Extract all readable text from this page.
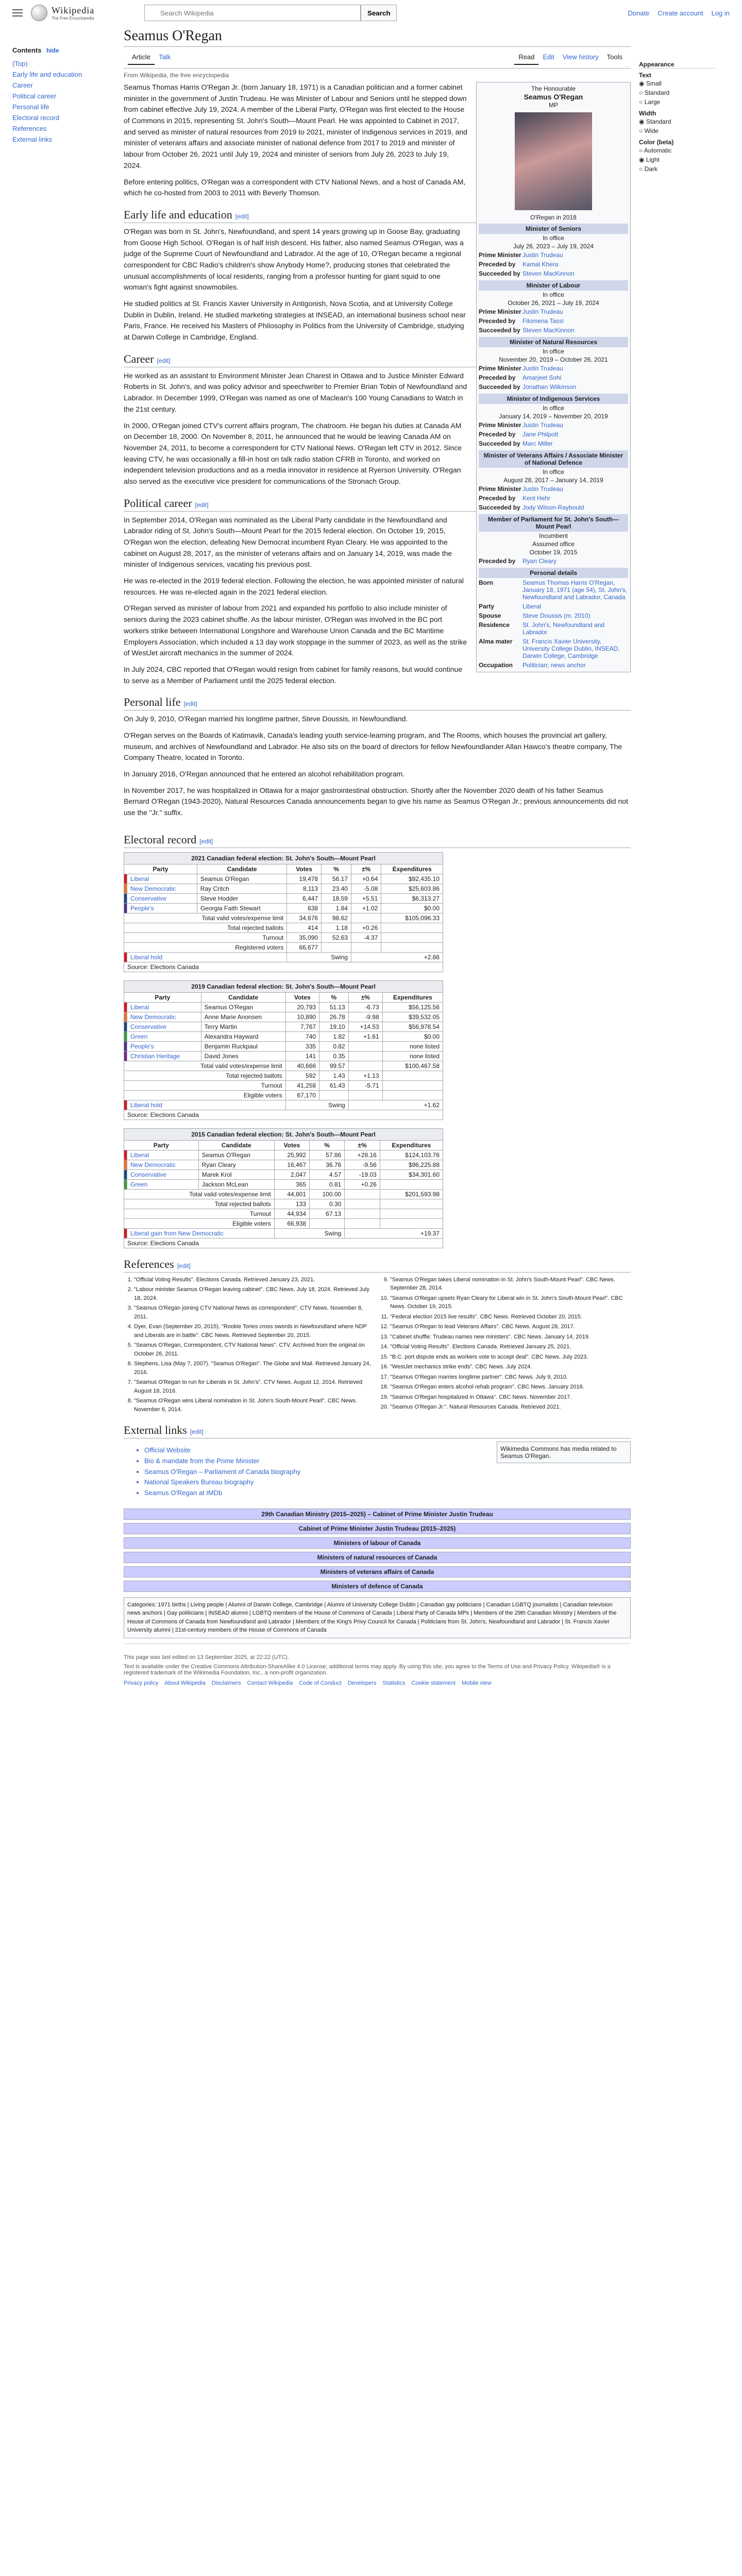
Wikipedia
The Free Encyclopedia
Search Wikipedia
Search	Donate Create account Log in
Contents hide
(Top)
Early life and education
Career
Political career
Personal life
Electoral record
References
External links
Seamus O'Regan
Article	Talk	Read	Edit	View history	Tools
From Wikipedia, the free encyclopedia
The Honourable
Seamus O'Regan
MP
O'Regan in 2018
Minister of Seniors
In office
July 26, 2023 – July 19, 2024
Prime Minister Justin Trudeau
Preceded by	Kamal Khera
Succeeded by Steven MacKinnon
Minister of Labour
In office
October 26, 2021 – July 19, 2024
Prime Minister Justin Trudeau
Preceded by	Filomena Tassi
Succeeded by Steven MacKinnon
Minister of Natural Resources
In office
November 20, 2019 – October 26, 2021
Prime Minister Justin Trudeau
Preceded by	Amarjeet Sohi
Succeeded by Jonathan Wilkinson
Minister of Indigenous Services
In office
January 14, 2019 – November 20, 2019
Prime Minister Justin Trudeau
Preceded by	Jane Philpott
Succeeded by Marc Miller
Minister of Veterans Affairs / Associate Minister of National Defence
In office
August 28, 2017 – January 14, 2019
Prime Minister Justin Trudeau
Preceded by	Kent Hehr
Succeeded by Jody Wilson-Raybould
Member of Parliament for St. John's South—Mount Pearl
Incumbent
Assumed office
October 19, 2015
Preceded by	Ryan Cleary
Personal details
Born	Seamus Thomas Harris O'Regan, January 18, 1971 (age 54), St. John's, Newfoundland and Labrador, Canada
Party	Liberal
Spouse	Steve Doussis (m. 2010)
Residence	St. John's, Newfoundland and Labrador
Alma mater	St. Francis Xavier University, University College Dublin, INSEAD, Darwin College, Cambridge
Occupation	Politician; news anchor

Seamus Thomas Harris O'Regan Jr. (born January 18, 1971) is a Canadian politician and a former cabinet minister in the government of Justin Trudeau. He was Minister of Labour and Seniors until he stepped down from cabinet effective July 19, 2024. A member of the Liberal Party, O'Regan was first elected to the House of Commons in 2015, representing St. John's South—Mount Pearl. He was appointed to Cabinet in 2017, and served as minister of natural resources from 2019 to 2021, minister of Indigenous services in 2019, and minister of veterans affairs and associate minister of national defence from 2017 to 2019 and minister of labour from October 26, 2021 until July 19, 2024 and minister of seniors from July 26, 2023 to July 19, 2024.

Before entering politics, O'Regan was a correspondent with CTV National News, and a host of Canada AM, which he co-hosted from 2003 to 2011 with Beverly Thomson.

Early life and education [edit]

O'Regan was born in St. John's, Newfoundland, and spent 14 years growing up in Goose Bay, graduating from Goose High School. O'Regan is of half Irish descent. His father, also named Seamus O'Regan, was a judge of the Supreme Court of Newfoundland and Labrador. At the age of 10, O'Regan became a regional correspondent for CBC Radio's children's show Anybody Home?, producing stories that celebrated the unusual accomplishments of local residents, ranging from a professor hunting for giant squid to one woman's fight against snowmobiles.

He studied politics at St. Francis Xavier University in Antigonish, Nova Scotia, and at University College Dublin in Dublin, Ireland. He studied marketing strategies at INSEAD, an international business school near Paris, France. He received his Masters of Philosophy in Politics from the University of Cambridge, studying at Darwin College in Cambridge, England.

Career [edit]

He worked as an assistant to Environment Minister Jean Charest in Ottawa and to Justice Minister Edward Roberts in St. John's, and was policy advisor and speechwriter to Premier Brian Tobin of Newfoundland and Labrador. In December 1999, O'Regan was named as one of Maclean's 100 Young Canadians to Watch in the 21st century.

In 2000, O'Regan joined CTV's current affairs program, The chatroom. He began his duties at Canada AM on December 18, 2000. On November 8, 2011, he announced that he would be leaving Canada AM on November 24, 2011, to become a correspondent for CTV National News. O'Regan left CTV in 2012. Since leaving CTV, he was occasionally a fill-in host on talk radio station CFRB in Toronto, and worked on independent television productions and as a media innovator in residence at Ryerson University. O'Regan also served as the executive vice president for communications of the Stronach Group.

Political career [edit]

In September 2014, O'Regan was nominated as the Liberal Party candidate in the Newfoundland and Labrador riding of St. John's South—Mount Pearl for the 2015 federal election. On October 19, 2015, O'Regan won the election, defeating New Democrat incumbent Ryan Cleary. He was appointed to the cabinet on August 28, 2017, as the minister of veterans affairs and on January 14, 2019, was made the minister of Indigenous services, vacating his previous post.

He was re-elected in the 2019 federal election. Following the election, he was appointed minister of natural resources. He was re-elected again in the 2021 federal election.

O'Regan served as minister of labour from 2021 and expanded his portfolio to also include minister of seniors during the 2023 cabinet shuffle. As the labour minister, O'Regan was involved in the BC port workers strike between International Longshore and Warehouse Union Canada and the BC Maritime Employers Association, which included a 13 day work stoppage in the summer of 2023, as well as the strike of WestJet aircraft mechanics in the summer of 2024.

In July 2024, CBC reported that O'Regan would resign from cabinet for family reasons, but would continue to serve as a Member of Parliament until the 2025 federal election.

Personal life [edit]

On July 9, 2010, O'Regan married his longtime partner, Steve Doussis, in Newfoundland.

O'Regan serves on the Boards of Katimavik, Canada's leading youth service-learning program, and The Rooms, which houses the provincial art gallery, museum, and archives of Newfoundland and Labrador. He also sits on the board of directors for fellow Newfoundlander Allan Hawco's theatre company, The Company Theatre, located in Toronto.

In January 2016, O'Regan announced that he entered an alcohol rehabilitation program.

In November 2017, he was hospitalized in Ottawa for a major gastrointestinal obstruction. Shortly after the November 2020 death of his father Seamus Bernard O'Regan (1943-2020), Natural Resources Canada announcements began to give his name as Seamus O'Regan Jr.; previous announcements did not use the "Jr." suffix.

Electoral record [edit]
2021 Canadian federal election: St. John's South—Mount Pearl
Party		Candidate	Votes	%	±%	Expenditures
	Liberal	Seamus O'Regan	19,478	56.17	+0.64	$92,435.10
	New Democratic	Ray Critch	8,113	23.40	-5.08	$25,603.86
	Conservative	Steve Hodder	6,447	18.59	+5.51	$6,313.27
	People's	Georgia Faith Stewart	638	1.84	+1.02	$0.00
Total valid votes/expense limit			34,676	98.62		$105,096.33
Total rejected ballots			414	1.18	+0.26	
Turnout			35,090	52.63	-4.37	
Registered voters			66,677			
	Liberal hold		Swing		+2.86	
Source: Elections Canada						
2019 Canadian federal election: St. John's South—Mount Pearl
Party		Candidate	Votes	%	±%	Expenditures
	Liberal	Seamus O'Regan	20,793	51.13	-6.73	$56,125.56
	New Democratic	Anne Marie Anonsen	10,890	26.78	-9.98	$39,532.05
	Conservative	Terry Martin	7,767	19.10	+14.53	$56,978.54
	Green	Alexandra Hayward	740	1.82	+1.61	$0.00
	People's	Benjamin Ruckpaul	335	0.82		none listed
	Christian Heritage	David Jones	141	0.35		none listed
Total valid votes/expense limit			40,666	99.57		$100,467.58
Total rejected ballots			592	1.43	+1.13	
Turnout			41,258	61.43	-5.71	
Eligible voters			67,170			
	Liberal hold		Swing		+1.62	
Source: Elections Canada						
2015 Canadian federal election: St. John's South—Mount Pearl
Party		Candidate	Votes	%	±%	Expenditures
	Liberal	Seamus O'Regan	25,992	57.86	+28.16	$124,103.76
	New Democratic	Ryan Cleary	16,467	36.76	-9.56	$96,225.88
	Conservative	Marek Krol	2,047	4.57	-19.03	$34,301.60
	Green	Jackson McLean	365	0.81	+0.26	
Total valid votes/expense limit			44,801	100.00		$201,593.98
Total rejected ballots			133	0.30		
Turnout			44,934	67.13		
Eligible voters			66,938			
	Liberal gain from New Democratic		Swing		+19.37	
Source: Elections Canada						
References [edit]
1. "Official Voting Results". Elections Canada. Retrieved January 23, 2021.
2. "Labour minister Seamus O'Regan leaving cabinet". CBC News. July 18, 2024. Retrieved July 18, 2024.
3. "Seamus O'Regan joining CTV National News as correspondent". CTV News. November 8, 2011.
4. Dyer, Evan (September 20, 2015). "Rookie Tories cross swords in Newfoundland where NDP and Liberals are in battle". CBC News. Retrieved September 20, 2015.
5. "Seamus O'Regan, Correspondent, CTV National News". CTV. Archived from the original on October 26, 2011.
6. Stephens, Lisa (May 7, 2007). "Seamus O'Regan". The Globe and Mail. Retrieved January 24, 2016.
7. "Seamus O'Regan to run for Liberals in St. John's". CTV News. August 12, 2014. Retrieved August 18, 2016.
8. "Seamus O'Regan wins Liberal nomination in St. John's South-Mount Pearl". CBC News. November 6, 2014.
9. "Seamus O'Regan takes Liberal nomination in St. John's South-Mount Pearl". CBC News. September 28, 2014.
10. "Seamus O'Regan upsets Ryan Cleary for Liberal win in St. John's South-Mount Pearl". CBC News. October 19, 2015.
11. "Federal election 2015 live results". CBC News. Retrieved October 20, 2015.
12. "Seamus O'Regan to lead Veterans Affairs". CBC News. August 28, 2017.
13. "Cabinet shuffle: Trudeau names new ministers". CBC News. January 14, 2019.
14. "Official Voting Results". Elections Canada. Retrieved January 25, 2021.
15. "B.C. port dispute ends as workers vote to accept deal". CBC News. July 2023.
16. "WestJet mechanics strike ends". CBC News. July 2024.
17. "Seamus O'Regan marries longtime partner". CBC News. July 9, 2010.
18. "Seamus O'Regan enters alcohol rehab program". CBC News. January 2016.
19. "Seamus O'Regan hospitalized in Ottawa". CBC News. November 2017.
20. "Seamus O'Regan Jr.". Natural Resources Canada. Retrieved 2021.
External links [edit]
Wikimedia Commons has media related to Seamus O'Regan.
• Official Website
• Bio & mandate from the Prime Minister
• Seamus O'Regan – Parliament of Canada biography
• National Speakers Bureau biography
• Seamus O'Regan at IMDb
29th Canadian Ministry (2015–2025) – Cabinet of Prime Minister Justin Trudeau
Cabinet of Prime Minister Justin Trudeau (2015–2025)
Ministers of labour of Canada
Ministers of natural resources of Canada
Ministers of veterans affairs of Canada
Ministers of defence of Canada
Categories: 1971 births | Living people | Alumni of Darwin College, Cambridge | Alumni of University College Dublin | Canadian gay politicians | Canadian LGBTQ journalists | Canadian television news anchors | Gay politicians | INSEAD alumni | LGBTQ members of the House of Commons of Canada | Liberal Party of Canada MPs | Members of the 29th Canadian Ministry | Members of the House of Commons of Canada from Newfoundland and Labrador | Members of the King's Privy Council for Canada | Politicians from St. John's, Newfoundland and Labrador | St. Francis Xavier University alumni | 21st-century members of the House of Commons of Canada
This page was last edited on 13 September 2025, at 22:22 (UTC).
Text is available under the Creative Commons Attribution-ShareAlike 4.0 License; additional terms may apply. By using this site, you agree to the Terms of Use and Privacy Policy. Wikipedia® is a registered trademark of the Wikimedia Foundation, Inc., a non-profit organization.
Privacy policy About Wikipedia Disclaimers Contact Wikipedia Code of Conduct Developers Statistics Cookie statement Mobile view
Appearance
Text
◉ Small
○ Standard
○ Large
Width
◉ Standard
○ Wide
Color (beta)
○ Automatic
◉ Light
○ Dark
